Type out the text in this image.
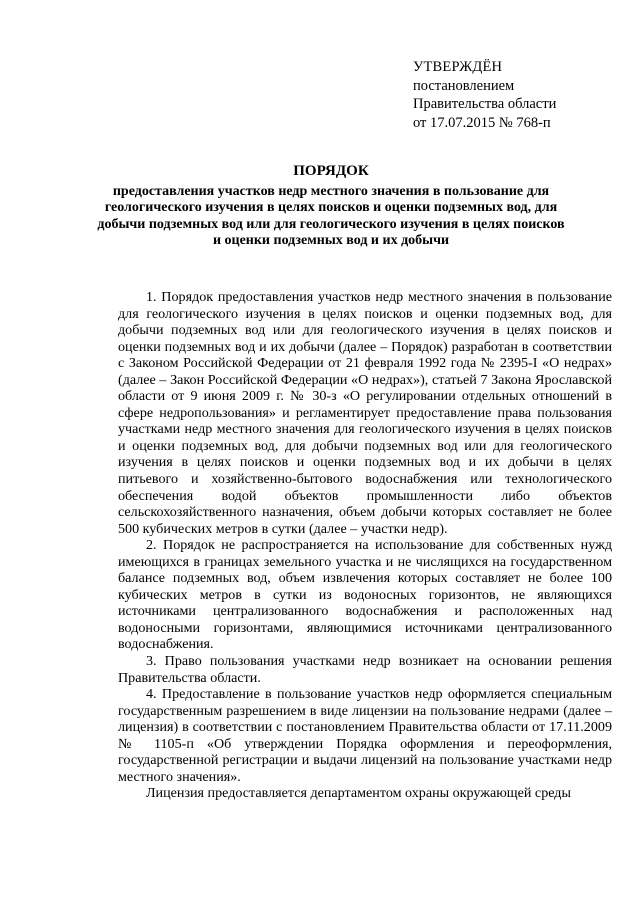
УТВЕРЖДЁН
постановлением
Правительства области
от 17.07.2015 № 768-п
ПОРЯДОК
предоставления участков недр местного значения в пользование для геологического изучения в целях поисков и оценки подземных вод, для добычи подземных вод или для геологического изучения в целях поисков и оценки подземных вод и их добычи

1. Порядок предоставления участков недр местного значения в пользование для геологического изучения в целях поисков и оценки подземных вод, для добычи подземных вод или для геологического изучения в целях поисков и оценки подземных вод и их добычи (далее – Порядок) разработан в соответствии с Законом Российской Федерации от 21 февраля 1992 года № 2395-I «О недрах» (далее – Закон Российской Федерации «О недрах»), статьей 7 Закона Ярославской области от 9 июня 2009 г. № 30-з «О регулировании отдельных отношений в сфере недропользования» и регламентирует предоставление права пользования участками недр местного значения для геологического изучения в целях поисков и оценки подземных вод, для добычи подземных вод или для геологического изучения в целях поисков и оценки подземных вод и их добычи в целях питьевого и хозяйственно-бытового водоснабжения или технологического обеспечения водой объектов промышленности либо объектов сельскохозяйственного назначения, объем добычи которых составляет не более 500 кубических метров в сутки (далее – участки недр).

2. Порядок не распространяется на использование для собственных нужд имеющихся в границах земельного участка и не числящихся на государственном балансе подземных вод, объем извлечения которых составляет не более 100 кубических метров в сутки из водоносных горизонтов, не являющихся источниками централизованного водоснабжения и расположенных над водоносными горизонтами, являющимися источниками централизованного водоснабжения.

3. Право пользования участками недр возникает на основании решения Правительства области.

4. Предоставление в пользование участков недр оформляется специальным государственным разрешением в виде лицензии на пользование недрами (далее – лицензия) в соответствии с постановлением Правительства области от 17.11.2009 № 1105-п «Об утверждении Порядка оформления и переоформления, государственной регистрации и выдачи лицензий на пользование участками недр местного значения».

Лицензия предоставляется департаментом охраны окружающей среды
